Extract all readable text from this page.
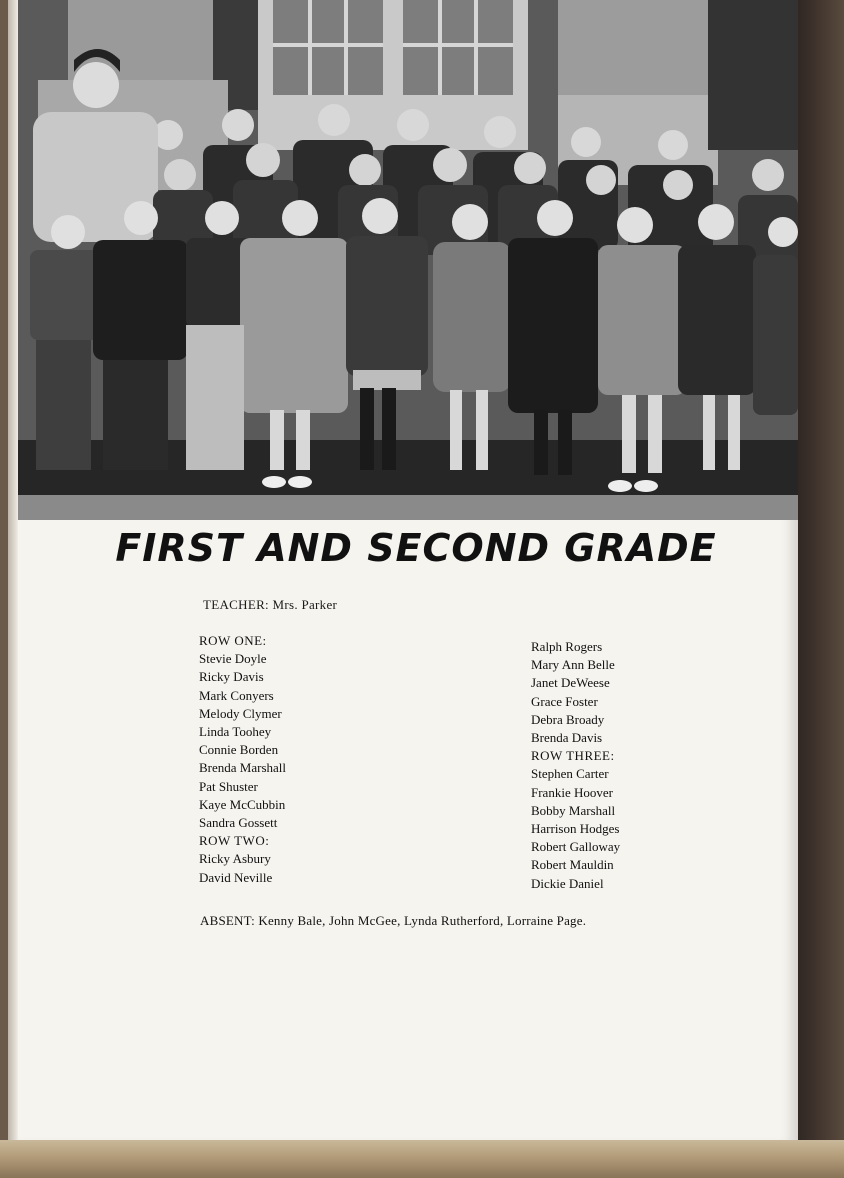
FIRST AND SECOND GRADE
TEACHER: Mrs. Parker
ROW ONE:
Stevie Doyle
Ricky Davis
Mark Conyers
Melody Clymer
Linda Toohey
Connie Borden
Brenda Marshall
Pat Shuster
Kaye McCubbin
Sandra Gossett
ROW TWO:
Ricky Asbury
David Neville
Ralph Rogers
Mary Ann Belle
Janet DeWeese
Grace Foster
Debra Broady
Brenda Davis
ROW THREE:
Stephen Carter
Frankie Hoover
Bobby Marshall
Harrison Hodges
Robert Galloway
Robert Mauldin
Dickie Daniel
ABSENT: Kenny Bale, John McGee, Lynda Rutherford, Lorraine Page.
